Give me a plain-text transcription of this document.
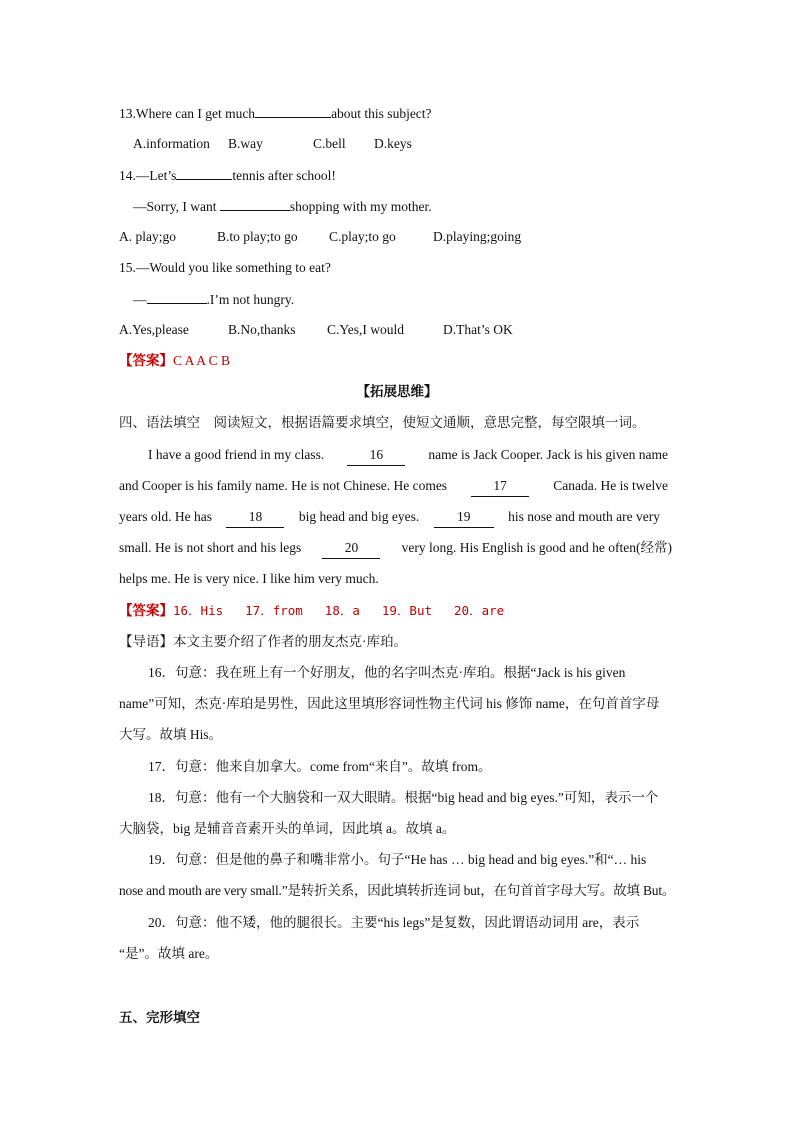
13.Where can I get much	about this subject?
A.information B.way	C.bell D.keys
14.—Let’s	tennis after school!
—Sorry, I want	shopping with my mother.
A. play;go	B.to play;to go C.play;to go	D.playing;going
15.—Would you like something to eat?
—	.I’m not hungry.
A.Yes,please	B.No,thanks C.Yes,I would	D.That’s OK
【答案】C A A C B
【拓展思维】
四、语法填空　阅读短文，根据语篇要求填空，使短文通顺，意思完整，每空限填一词。
I have a good friend in my class.	16	name is Jack Cooper. Jack is his given name
and Cooper is his family name. He is not Chinese. He comes	17	Canada. He is twelve
years old. He has	18	big head and big eyes.	19	his nose and mouth are very
small. He is not short and his legs	20	very long. His English is good and he often(经常)
helps me. He is very nice. I like him very much.
【答案】16．His 17．from 18．a 19．But 20．are
【导语】本文主要介绍了作者的朋友杰克·库珀。
16．句意：我在班上有一个好朋友，他的名字叫杰克·库珀。根据“Jack is his given
name”可知，杰克·库珀是男性，因此这里填形容词性物主代词 his 修饰 name，在句首首字母
大写。故填 His。
17．句意：他来自加拿大。come from“来自”。故填 from。
18．句意：他有一个大脑袋和一双大眼睛。根据“big head and big eyes.”可知，表示一个
大脑袋，big 是辅音音素开头的单词，因此填 a。故填 a。
19．句意：但是他的鼻子和嘴非常小。句子“He has … big head and big eyes.”和“… his
nose and mouth are very small.”是转折关系，因此填转折连词 but，在句首首字母大写。故填 But。
20．句意：他不矮，他的腿很长。主要“his legs”是复数，因此谓语动词用 are，表示
“是”。故填 are。
五、完形填空
